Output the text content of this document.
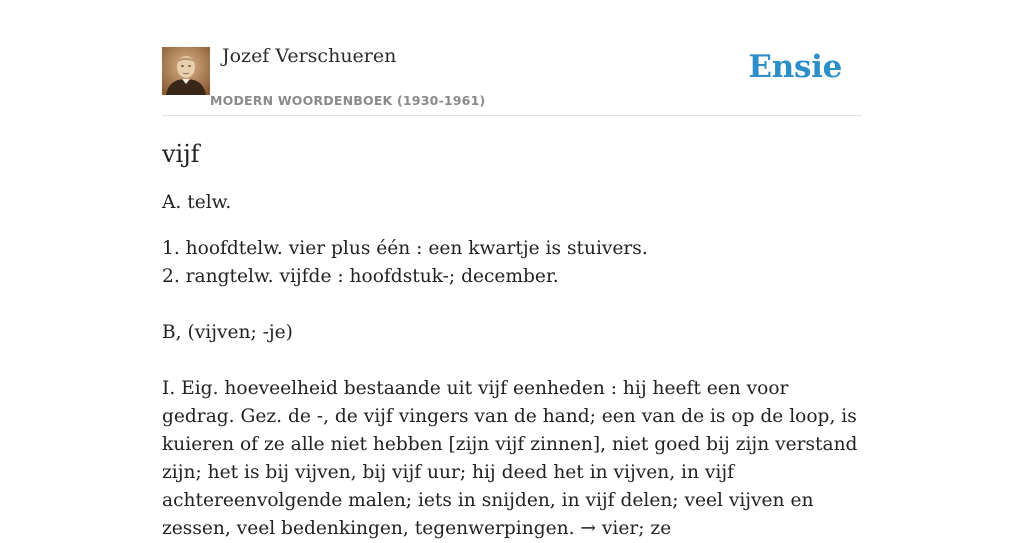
Jozef Verschueren
MODERN WOORDENBOEK (1930-1961)
Ensie
vijf

A. telw.

1. hoofdtelw. vier plus één : een kwartje is stuivers.

2. rangtelw. vijfde : hoofdstuk-; december.

B, (vijven; -je)

I. Eig. hoeveelheid bestaande uit vijf eenheden : hij heeft een voor gedrag. Gez. de -, de vijf vingers van de hand; een van de is op de loop, is kuieren of ze alle niet hebben [zijn vijf zinnen], niet goed bij zijn verstand zijn; het is bij vijven, bij vijf uur; hij deed het in vijven, in vijf achtereenvolgende malen; iets in snijden, in vijf delen; veel vijven en zessen, veel bedenkingen, tegenwerpingen. → vier; ze
